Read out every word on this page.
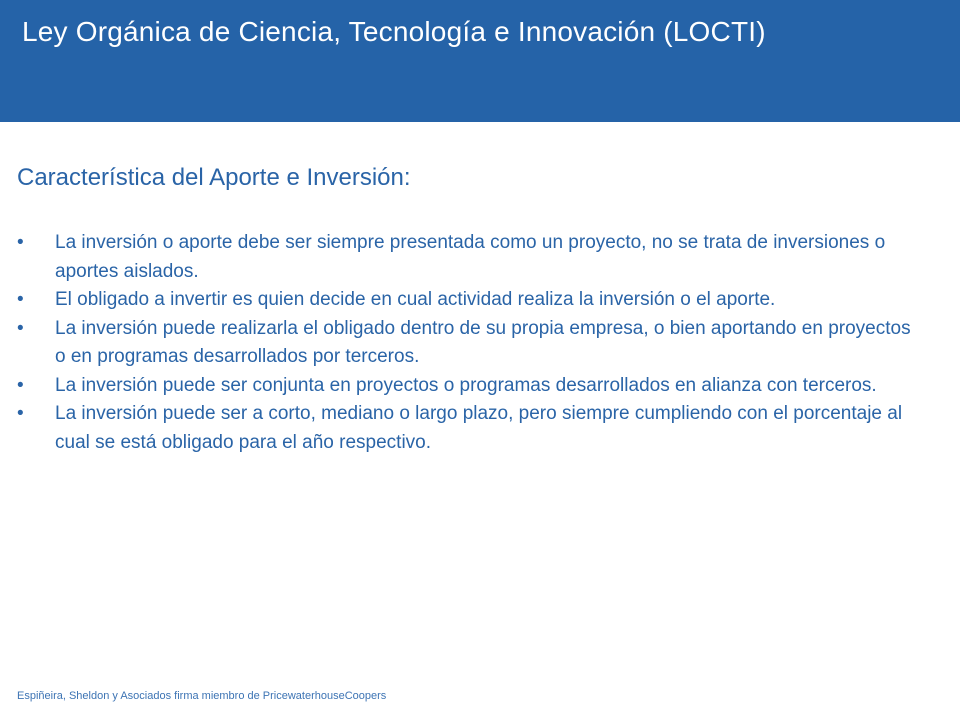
Ley Orgánica de Ciencia, Tecnología e Innovación (LOCTI)
Característica del Aporte e Inversión:
•	La inversión o aporte debe ser siempre presentada como un proyecto, no se trata de inversiones o aportes aislados.
•	El obligado a invertir es quien decide en cual actividad realiza la inversión o el aporte.
•	La inversión puede realizarla el obligado dentro de su propia empresa, o bien aportando en proyectos o en programas desarrollados por terceros.
•	La inversión puede ser conjunta en proyectos o programas desarrollados en alianza con terceros.
•	La inversión puede ser a corto, mediano o largo plazo, pero siempre cumpliendo con el porcentaje al cual se está obligado para el año respectivo.
Espiñeira, Sheldon y Asociados firma miembro de PricewaterhouseCoopers
